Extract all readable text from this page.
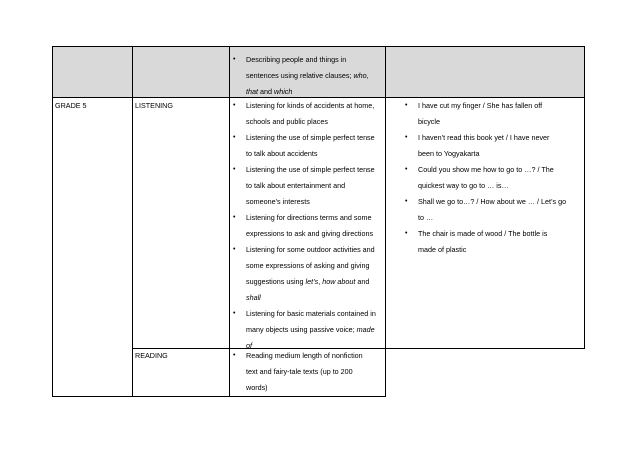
• Describing people and things in
sentences using relative clauses; who,
that and which
GRADE 5	LISTENING
READING
• Listening for kinds of accidents at home,
schools and public places
• Listening the use of simple perfect tense
to talk about accidents
• Listening the use of simple perfect tense
to talk about entertainment and
someone’s interests
• Listening for directions terms and some
expressions to ask and giving directions
• Listening for some outdoor activities and
some expressions of asking and giving
suggestions using let’s, how about and
shall
• Listening for basic materials contained in
many objects using passive voice; made
of
• Reading medium length of nonfiction
text and fairy-tale texts (up to 200
words)
• I have cut my finger / She has fallen off
bicycle
• I haven’t read this book yet / I have never
been to Yogyakarta
• Could you show me how to go to …? / The
quickest way to go to … is…
• Shall we go to…? / How about we … / Let’s go
to …
• The chair is made of wood / The bottle is
made of plastic
